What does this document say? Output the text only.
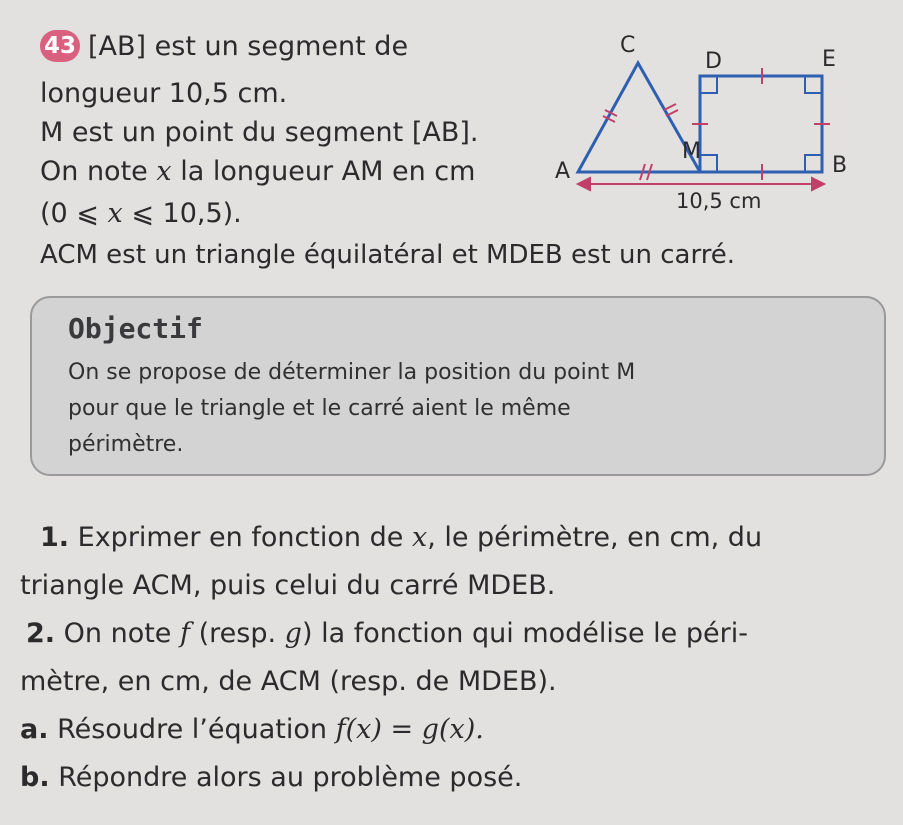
43 [AB] est un segment de
longueur 10,5 cm.
M est un point du segment [AB].
On note x la longueur AM en cm
(0 ⩽ x ⩽ 10,5).
ACM est un triangle équilatéral et MDEB est un carré.
C
D	E
A
M
B
10,5 cm
Objectif
On se propose de déterminer la position du point M
pour que le triangle et le carré aient le même
périmètre.
1. Exprimer en fonction de x, le périmètre, en cm, du
triangle ACM, puis celui du carré MDEB.
2. On note f (resp. g) la fonction qui modélise le péri-
mètre, en cm, de ACM (resp. de MDEB).
a. Résoudre l’équation f(x) = g(x).
b. Répondre alors au problème posé.
